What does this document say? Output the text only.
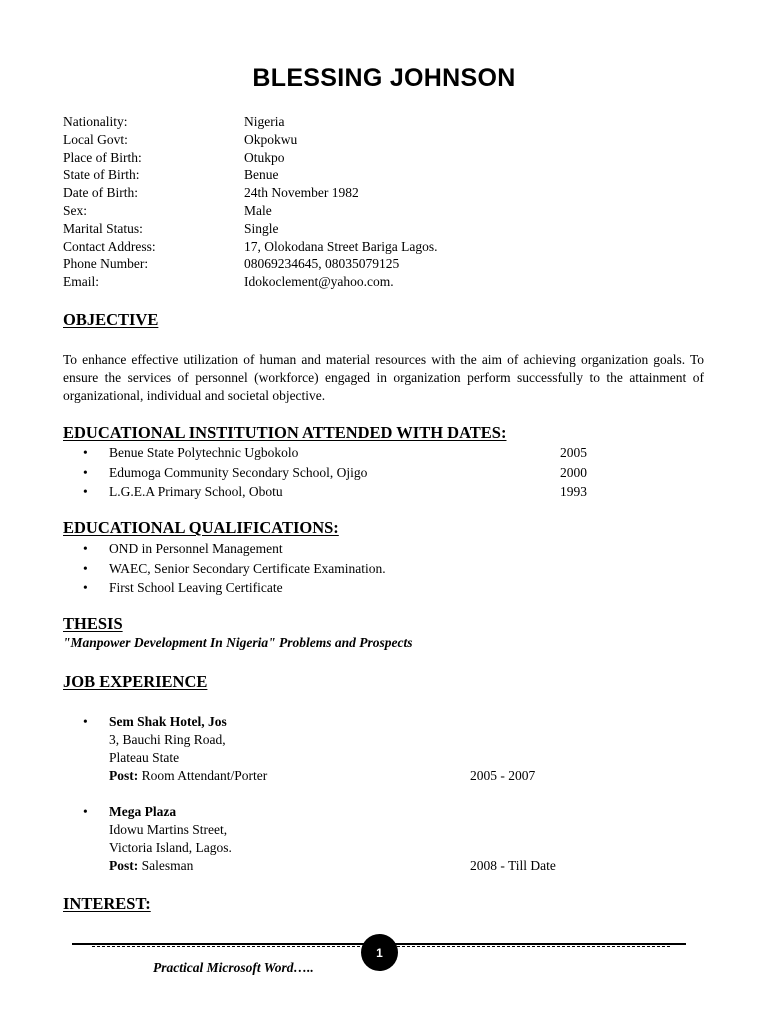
BLESSING JOHNSON
Nationality:	Nigeria
Local Govt:	Okpokwu
Place of Birth:	Otukpo
State of Birth:	Benue
Date of Birth:	24th November 1982
Sex:	Male
Marital Status:	Single
Contact Address:	17, Olokodana Street Bariga Lagos.
Phone Number:	08069234645, 08035079125
Email:	Idokoclement@yahoo.com.
OBJECTIVE
To enhance effective utilization of human and material resources with the aim of achieving organization goals. To ensure the services of personnel (workforce) engaged in organization perform successfully to the attainment of organizational, individual and societal objective.
EDUCATIONAL INSTITUTION ATTENDED WITH DATES:
• Benue State Polytechnic Ugbokolo	2005
• Edumoga Community Secondary School, Ojigo	2000
• L.G.E.A Primary School, Obotu	1993
EDUCATIONAL QUALIFICATIONS:
• OND in Personnel Management
• WAEC, Senior Secondary Certificate Examination.
• First School Leaving Certificate
THESIS
"Manpower Development In Nigeria" Problems and Prospects
JOB EXPERIENCE
• Sem Shak Hotel, Jos
3, Bauchi Ring Road,
Plateau State
Post: Room Attendant/Porter	2005 - 2007
• Mega Plaza
Idowu Martins Street,
Victoria Island, Lagos.
Post: Salesman	2008 - Till Date
INTEREST:
1
Practical Microsoft Word…..
